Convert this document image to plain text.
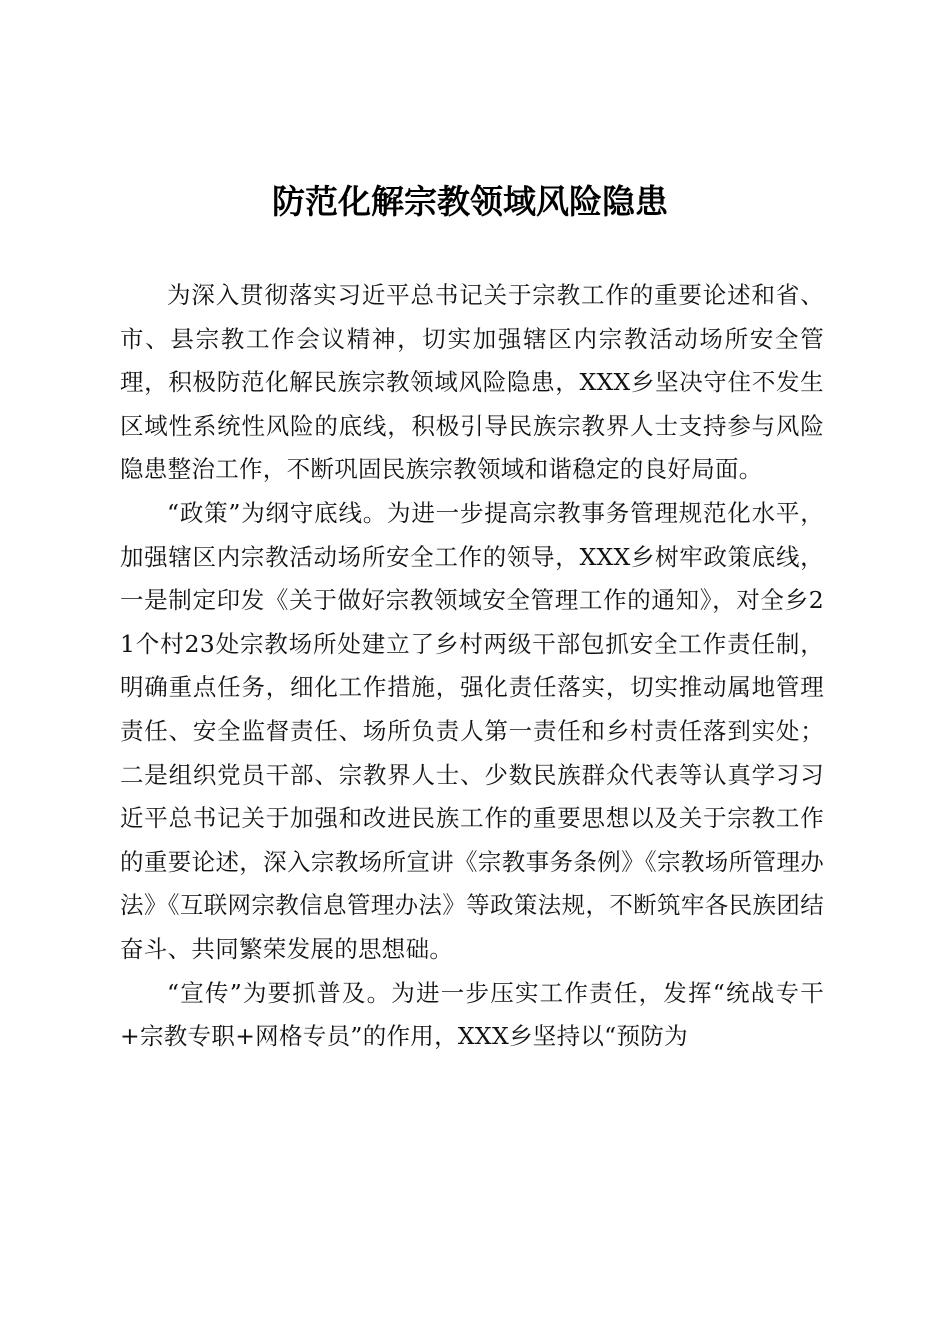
防范化解宗教领域风险隐患

为深入贯彻落实习近平总书记关于宗教工作的重要论述和省、市、县宗教工作会议精神，切实加强辖区内宗教活动场所安全管理，积极防范化解民族宗教领域风险隐患，XXX乡坚决守住不发生区域性系统性风险的底线，积极引导民族宗教界人士支持参与风险隐患整治工作，不断巩固民族宗教领域和谐稳定的良好局面。

“政策”为纲守底线。为进一步提高宗教事务管理规范化水平，加强辖区内宗教活动场所安全工作的领导，XXX乡树牢政策底线，一是制定印发《关于做好宗教领域安全管理工作的通知》，对全乡21个村23处宗教场所处建立了乡村两级干部包抓安全工作责任制，明确重点任务，细化工作措施，强化责任落实，切实推动属地管理责任、安全监督责任、场所负责人第一责任和乡村责任落到实处；二是组织党员干部、宗教界人士、少数民族群众代表等认真学习习近平总书记关于加强和改进民族工作的重要思想以及关于宗教工作的重要论述，深入宗教场所宣讲《宗教事务条例》《宗教场所管理办法》《互联网宗教信息管理办法》等政策法规，不断筑牢各民族团结奋斗、共同繁荣发展的思想础。

“宣传”为要抓普及。为进一步压实工作责任，发挥“统战专干+宗教专职+网格专员”的作用，XXX乡坚持以“预防为
